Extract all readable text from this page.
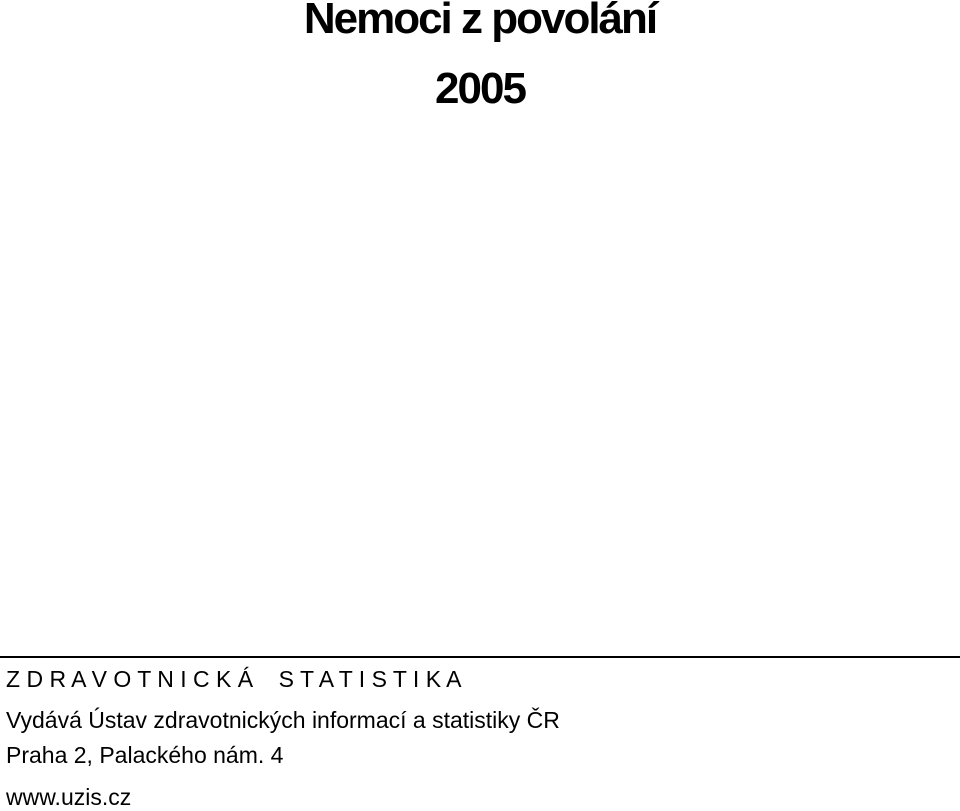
Nemoci z povolání
2005
Z D R A V O T N I C K Á    S T A T I S T I K A
Vydává Ústav zdravotnických informací a statistiky ČR
Praha 2, Palackého nám. 4
www.uzis.cz
